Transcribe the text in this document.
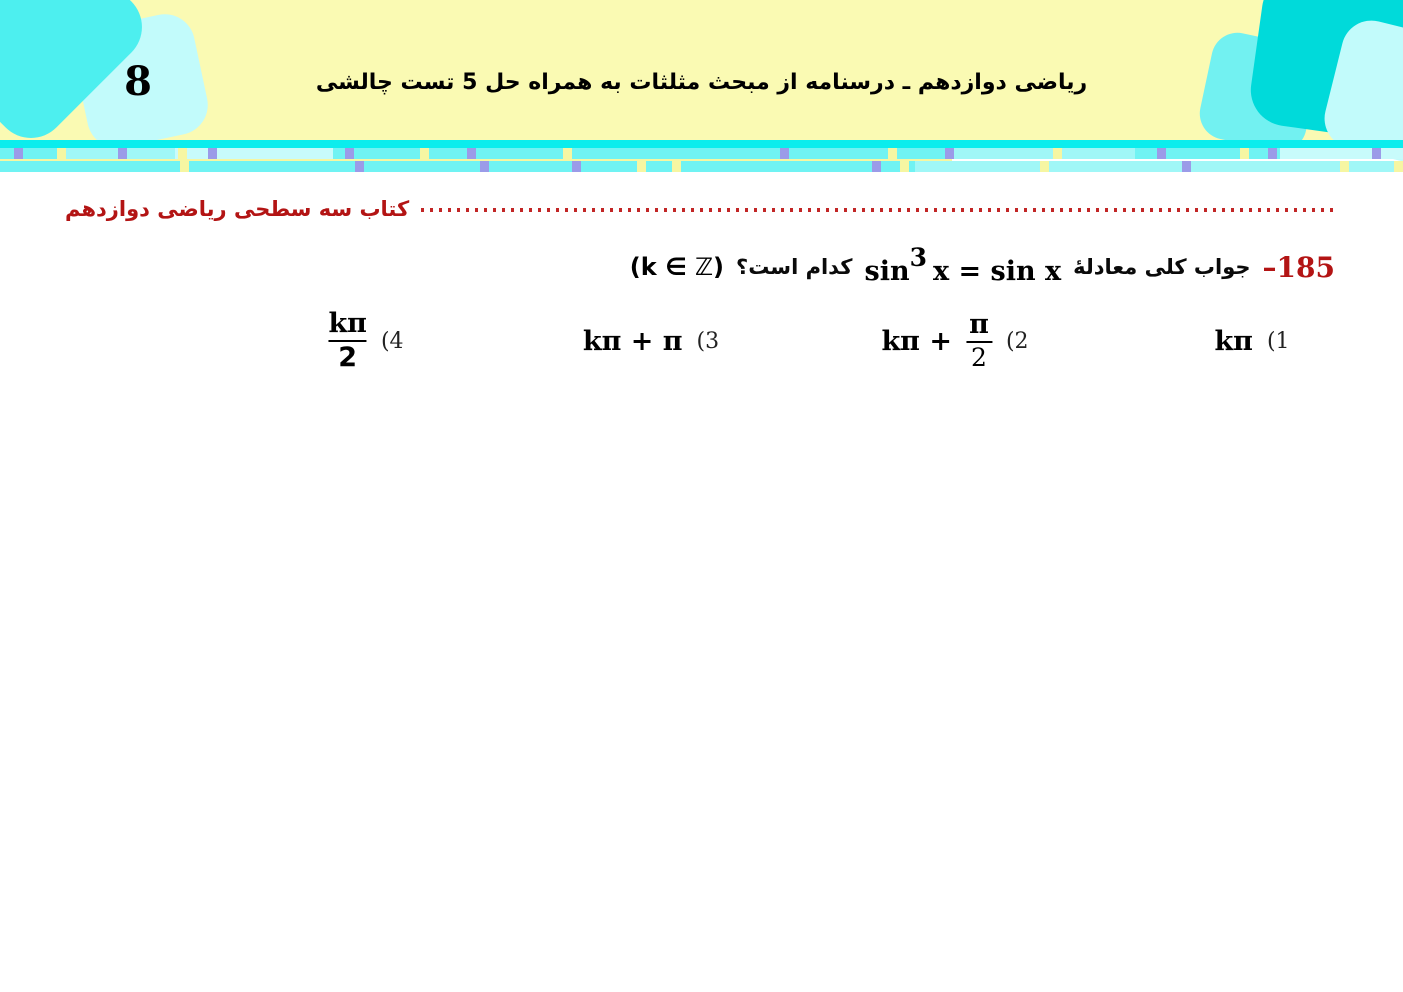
8	ریاضی دوازدهم ـ درسنامه از مبحث مثلثات به همراه حل 5 تست چالشی
کتاب سه سطحی ریاضی دوازدهم
–185
جواب کلی معادلۀ
$\sin^3 x = \sin x$
کدام است؟
(k ∈ ℤ)
kπ (1
$k\pi + \frac{\pi}{2} (2$
kπ + π (3
$\frac{k\pi}{2} (4$
